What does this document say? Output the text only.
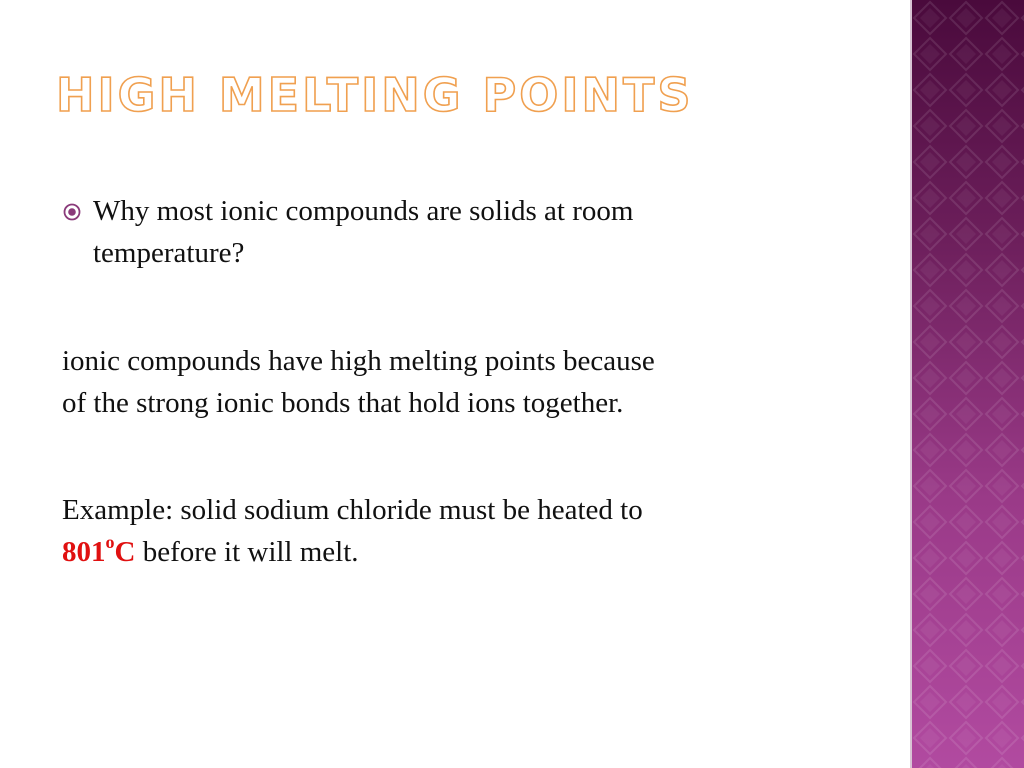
HIGH MELTING POINTS

Why most ionic compounds are solids at room
temperature?

ionic compounds have high melting points because
of the strong ionic bonds that hold ions together.

Example: solid sodium chloride must be heated to
801$^o$C before it will melt.
